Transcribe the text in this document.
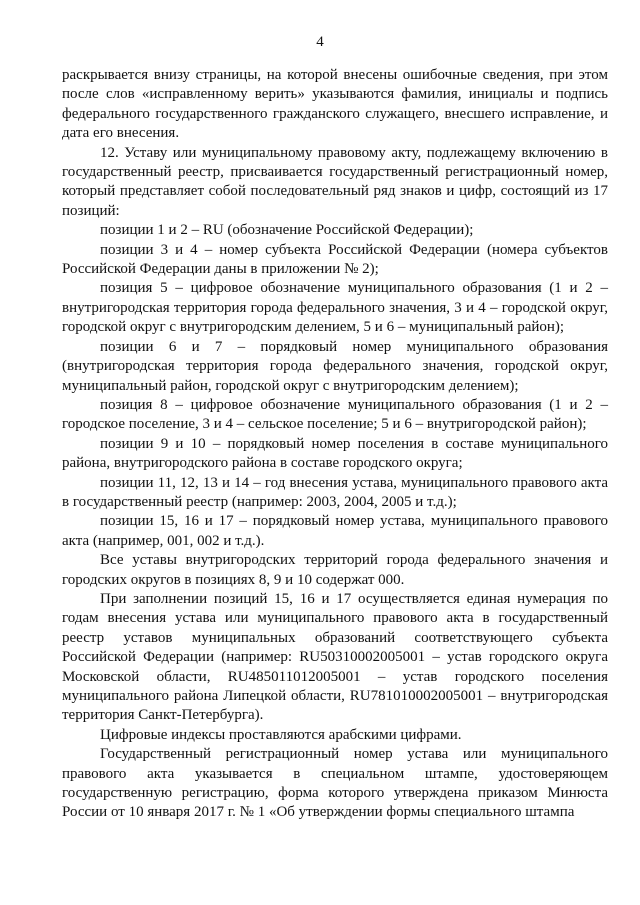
4

раскрывается внизу страницы, на которой внесены ошибочные сведения, при этом после слов «исправленному верить» указываются фамилия, инициалы и подпись федерального государственного гражданского служащего, внесшего исправление, и дата его внесения.

12. Уставу или муниципальному правовому акту, подлежащему включению в государственный реестр, присваивается государственный регистрационный номер, который представляет собой последовательный ряд знаков и цифр, состоящий из 17 позиций:

позиции 1 и 2 – RU (обозначение Российской Федерации);

позиции 3 и 4 – номер субъекта Российской Федерации (номера субъектов Российской Федерации даны в приложении № 2);

позиция 5 – цифровое обозначение муниципального образования (1 и 2 – внутригородская территория города федерального значения, 3 и 4 – городской округ, городской округ с внутригородским делением, 5 и 6 – муниципальный район);

позиции 6 и 7 – порядковый номер муниципального образования (внутригородская территория города федерального значения, городской округ, муниципальный район, городской округ с внутригородским делением);

позиция 8 – цифровое обозначение муниципального образования (1 и 2 – городское поселение, 3 и 4 – сельское поселение; 5 и 6 – внутригородской район);

позиции 9 и 10 – порядковый номер поселения в составе муниципального района, внутригородского района в составе городского округа;

позиции 11, 12, 13 и 14 – год внесения устава, муниципального правового акта в государственный реестр (например: 2003, 2004, 2005 и т.д.);

позиции 15, 16 и 17 – порядковый номер устава, муниципального правового акта (например, 001, 002 и т.д.).

Все уставы внутригородских территорий города федерального значения и городских округов в позициях 8, 9 и 10 содержат 000.

При заполнении позиций 15, 16 и 17 осуществляется единая нумерация по годам внесения устава или муниципального правового акта в государственный реестр уставов муниципальных образований соответствующего субъекта Российской Федерации (например: RU50310002005001 – устав городского округа Московской области, RU485011012005001 – устав городского поселения муниципального района Липецкой области, RU781010002005001 – внутригородская территория Санкт-Петербурга).

Цифровые индексы проставляются арабскими цифрами.

Государственный регистрационный номер устава или муниципального правового акта указывается в специальном штампе, удостоверяющем государственную регистрацию, форма которого утверждена приказом Минюста России от 10 января 2017 г. № 1 «Об утверждении формы специального штампа
